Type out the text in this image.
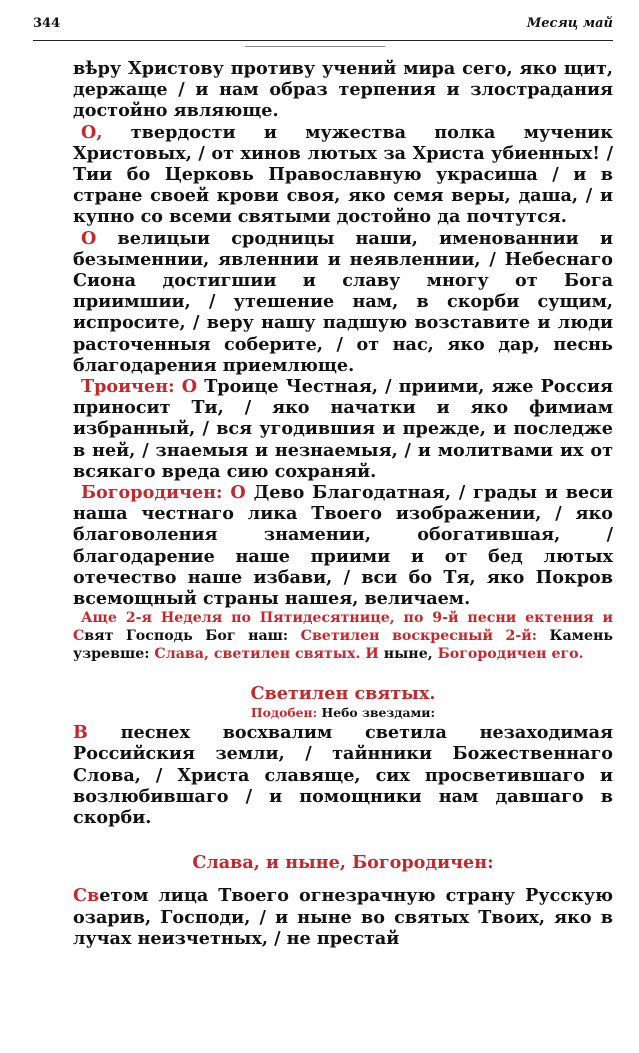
344	Месяц май

вѣру Христову противу учений мира сего, яко щит, держаще / и нам образ терпения и злострадания достойно являюще.

О, твердости и мужества полка мученик Христовых, / от хинов лютых за Христа убиенных! / Тии бо Церковь Православную украсиша / и в стране своей крови своя, яко семя веры, даша, / и купно со всеми святыми достойно да почтутся.

О велицыи сродницы наши, именованнии и безыменнии, явленнии и неявленнии, / Небеснаго Сиона достигшии и славу многу от Бога приимшии, / утешение нам, в скорби сущим, испросите, / веру нашу падшую возставите и люди расточенныя соберите, / от нас, яко дар, песнь благодарения приемлюще.

Троичен: О Троице Честная, / приими, яже Россия приносит Ти, / яко начатки и яко фимиам избранный, / вся угодившия и прежде, и последже в ней, / знаемыя и незнаемыя, / и молитвами их от всякаго вреда сию сохраняй.

Богородичен: О Дево Благодатная, / грады и веси наша честнаго лика Твоего изображении, / яко благоволения знамении, обогатившая, / благодарение наше приими и от бед лютых отечество наше избави, / вси бо Тя, яко Покров всемощный страны нашея, величаем.

Аще 2-я Неделя по Пятидесятнице, по 9-й песни ектения и Свят Господь Бог наш: Светилен воскресный 2-й: Камень узревше: Слава, светилен святых. И ныне, Богородичен его.

Светилен святых.

Подобен: Небо звездами:

В песнех восхвалим светила незаходимая Российския земли, / тайнники Божественнаго Слова, / Христа славяще, сих просветившаго и возлюбившаго / и помощники нам давшаго в скорби.

Слава, и ныне, Богородичен:

Светом лица Твоего огнезрачную страну Русскую озарив, Господи, / и ныне во святых Твоих, яко в лучах неизчетных, / не престай
